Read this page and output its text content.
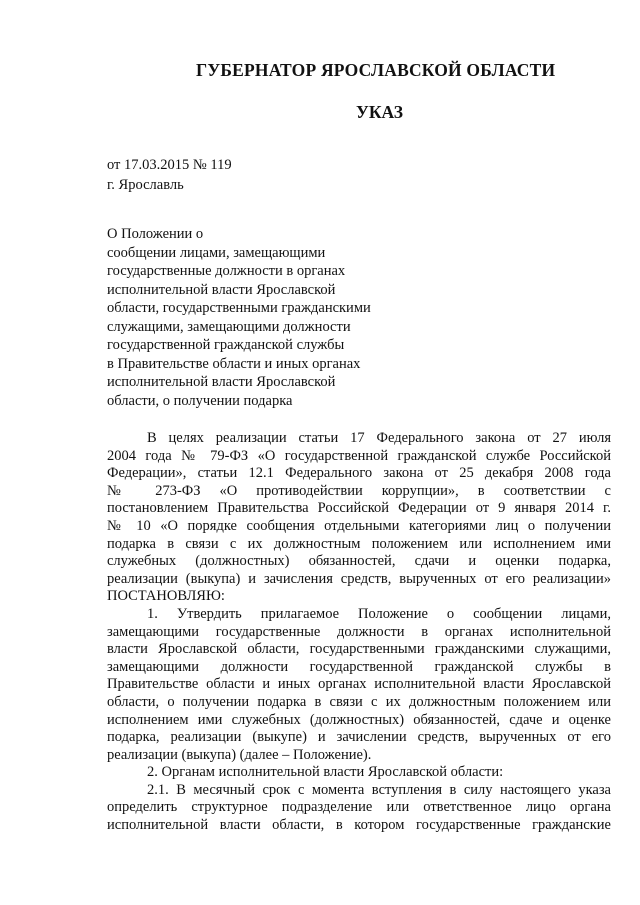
ГУБЕРНАТОР ЯРОСЛАВСКОЙ ОБЛАСТИ
УКАЗ
от 17.03.2015 № 119
г. Ярославль
О Положении о
сообщении лицами, замещающими
государственные должности в органах
исполнительной власти Ярославской
области, государственными гражданскими
служащими, замещающими должности
государственной гражданской службы
в Правительстве области и иных органах
исполнительной власти Ярославской
области, о получении подарка
В целях реализации статьи 17 Федерального закона от 27 июля
2004 года № 79-ФЗ «О государственной гражданской службе Российской
Федерации», статьи 12.1 Федерального закона от 25 декабря 2008 года
№ 273-ФЗ «О противодействии коррупции», в соответствии с
постановлением Правительства Российской Федерации от 9 января 2014 г.
№ 10 «О порядке сообщения отдельными категориями лиц о получении
подарка в связи с их должностным положением или исполнением ими
служебных (должностных) обязанностей, сдачи и оценки подарка,
реализации (выкупа) и зачисления средств, вырученных от его реализации»
ПОСТАНОВЛЯЮ:
1. Утвердить прилагаемое Положение о сообщении лицами,
замещающими государственные должности в органах исполнительной
власти Ярославской области, государственными гражданскими служащими,
замещающими должности государственной гражданской службы в
Правительстве области и иных органах исполнительной власти Ярославской
области, о получении подарка в связи с их должностным положением или
исполнением ими служебных (должностных) обязанностей, сдаче и оценке
подарка, реализации (выкупе) и зачислении средств, вырученных от его
реализации (выкупа) (далее – Положение).
2. Органам исполнительной власти Ярославской области:
2.1. В месячный срок с момента вступления в силу настоящего указа
определить структурное подразделение или ответственное лицо органа
исполнительной власти области, в котором государственные гражданские
